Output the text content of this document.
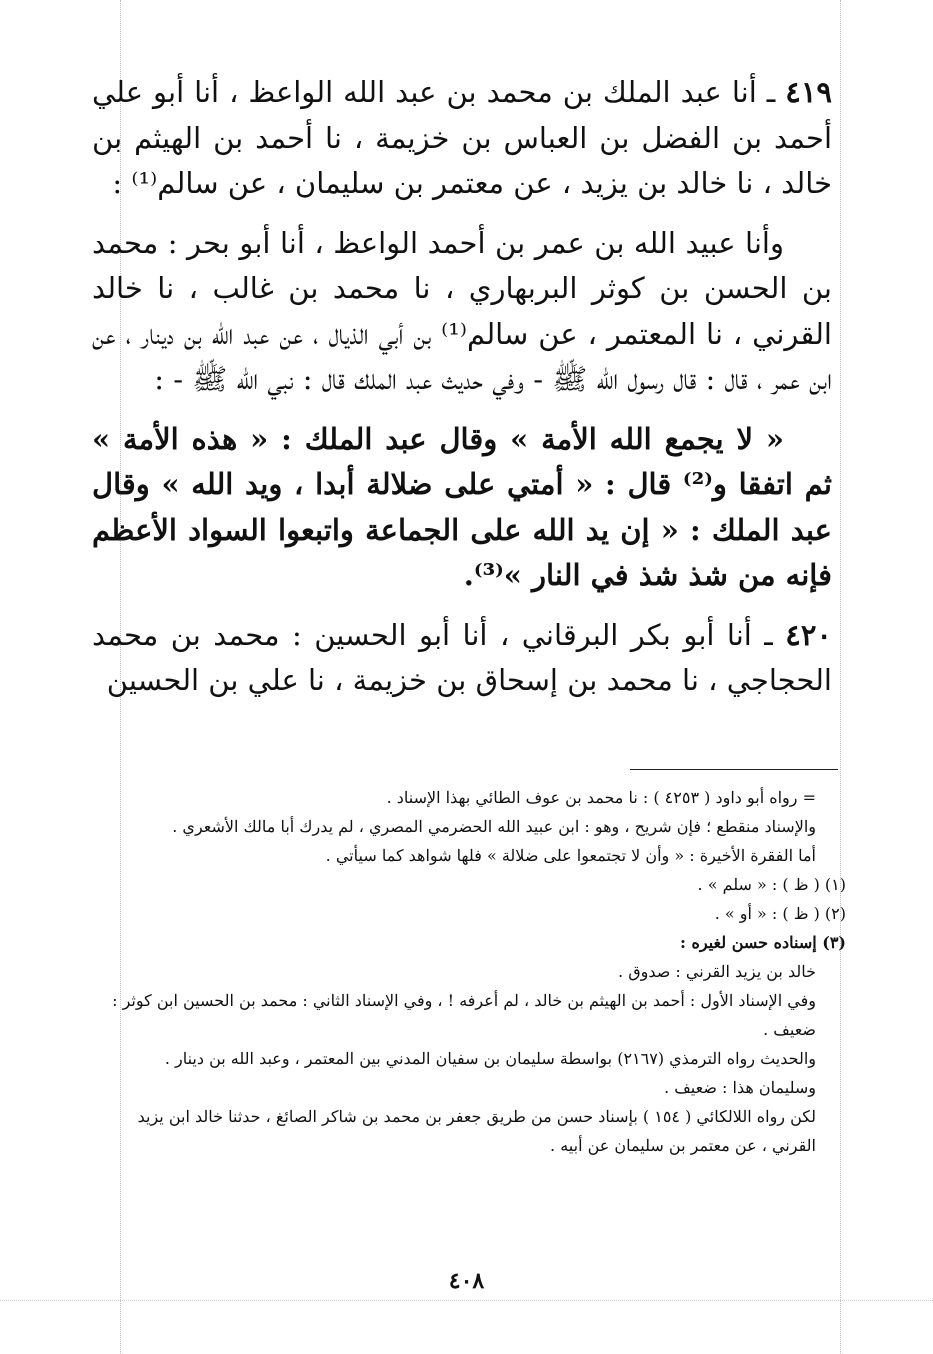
٤١٩ ـ أنا عبد الملك بن محمد بن عبد الله الواعظ ، أنا أبو علي أحمد بن الفضل بن العباس بن خزيمة ، نا أحمد بن الهيثم بن خالد ، نا خالد بن يزيد ، عن معتمر بن سليمان ، عن سالم⁽¹⁾ :

وأنا عبيد الله بن عمر بن أحمد الواعظ ، أنا أبو بحر : محمد بن الحسن بن كوثر البربهاري ، نا محمد بن غالب ، نا خالد القرني ، نا المعتمر ، عن سالم⁽¹⁾ بن أبي الذيال ، عن عبد الله بن دينار ، عن ابن عمر ، قال : قال رسول الله ﷺ - وفي حديث عبد الملك قال : نبي الله ﷺ - :

« لا يجمع الله الأمة » وقال عبد الملك : « هذه الأمة » ثم اتفقا و⁽²⁾ قال : « أمتي على ضلالة أبدا ، ويد الله » وقال عبد الملك : « إن يد الله على الجماعة واتبعوا السواد الأعظم فإنه من شذ شذ في النار »⁽³⁾.

٤٢٠ ـ أنا أبو بكر البرقاني ، أنا أبو الحسين : محمد بن محمد الحجاجي ، نا محمد بن إسحاق بن خزيمة ، نا علي بن الحسين

= رواه أبو داود ( ٤٢٥٣ ) : نا محمد بن عوف الطائي بهذا الإسناد .

والإسناد منقطع ؛ فإن شريح ، وهو : ابن عبيد الله الحضرمي المصري ، لم يدرك أبا مالك الأشعري .

أما الفقرة الأخيرة : « وأن لا تجتمعوا على ضلالة » فلها شواهد كما سيأتي .

(١) ( ظ ) : « سلم » .

(٢) ( ظ ) : « أو » .

(٣) إسناده حسن لغيره :

خالد بن يزيد القرني : صدوق .

وفي الإسناد الأول : أحمد بن الهيثم بن خالد ، لم أعرفه ! ، وفي الإسناد الثاني : محمد بن الحسين ابن كوثر : ضعيف .

والحديث رواه الترمذي (٢١٦٧) بواسطة سليمان بن سفيان المدني بين المعتمر ، وعبد الله بن دينار .

وسليمان هذا : ضعيف .

لكن رواه اللالكائي ( ١٥٤ ) بإسناد حسن من طريق جعفر بن محمد بن شاكر الصائغ ، حدثنا خالد ابن يزيد القرني ، عن معتمر بن سليمان عن أبيه .

٤٠٨
